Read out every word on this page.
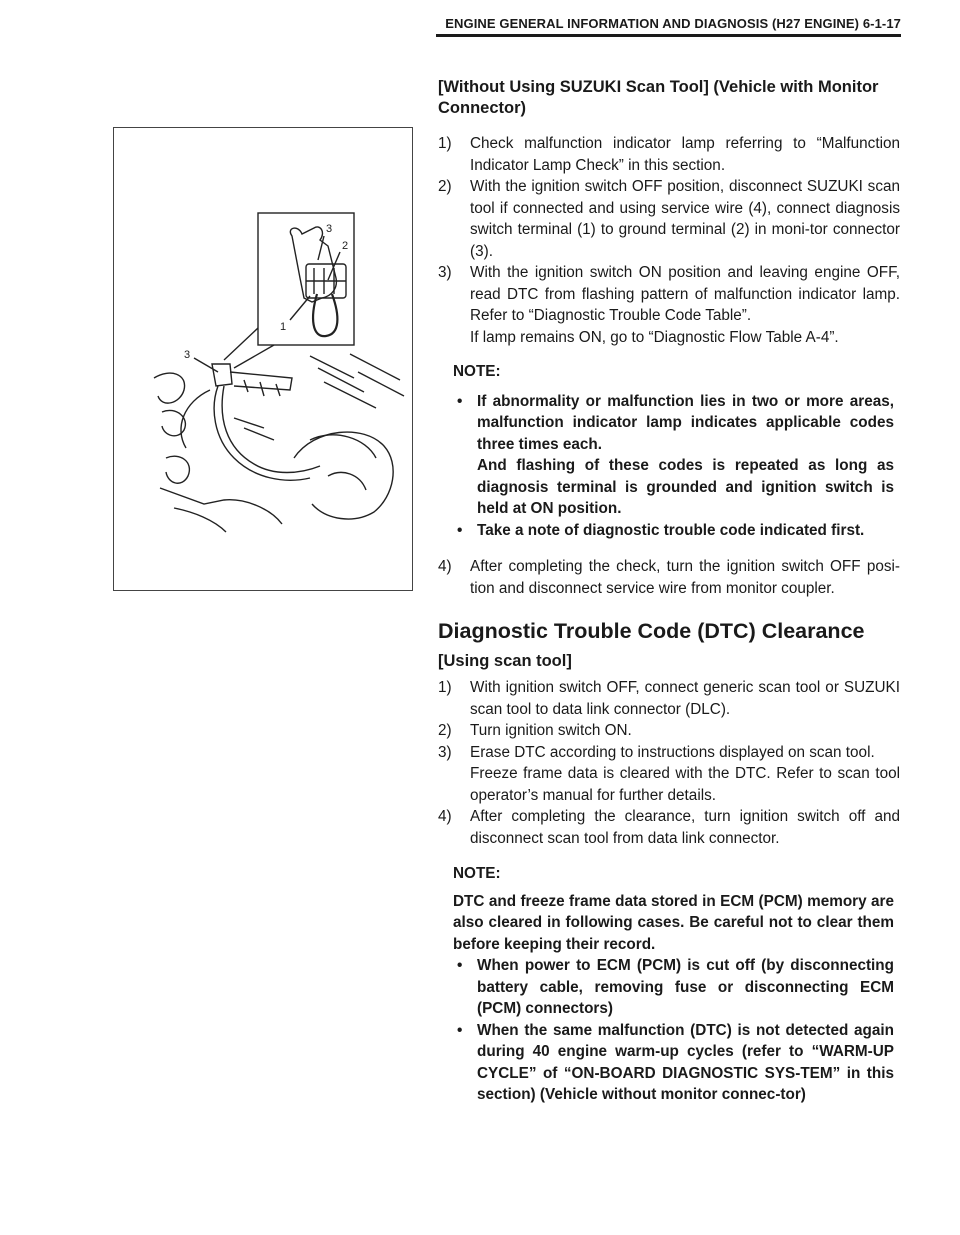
ENGINE GENERAL INFORMATION AND DIAGNOSIS (H27 ENGINE) 6-1-17
[Without Using SUZUKI Scan Tool] (Vehicle with Monitor Connector)
3
2
1
3
1) Check malfunction indicator lamp referring to “Malfunction Indicator Lamp Check” in this section.
2) With the ignition switch OFF position, disconnect SUZUKI scan tool if connected and using service wire (4), connect diagnosis switch terminal (1) to ground terminal (2) in moni-tor connector (3).
3) With the ignition switch ON position and leaving engine OFF, read DTC from flashing pattern of malfunction indicator lamp. Refer to “Diagnostic Trouble Code Table”.
If lamp remains ON, go to “Diagnostic Flow Table A-4”.
NOTE:
• If abnormality or malfunction lies in two or more areas, malfunction indicator lamp indicates applicable codes three times each.
And flashing of these codes is repeated as long as diagnosis terminal is grounded and ignition switch is held at ON position.
• Take a note of diagnostic trouble code indicated first.
4) After completing the check, turn the ignition switch OFF posi-tion and disconnect service wire from monitor coupler.
Diagnostic Trouble Code (DTC) Clearance
[Using scan tool]
1) With ignition switch OFF, connect generic scan tool or SUZUKI scan tool to data link connector (DLC).
2) Turn ignition switch ON.
3) Erase DTC according to instructions displayed on scan tool.
Freeze frame data is cleared with the DTC. Refer to scan tool operator’s manual for further details.
4) After completing the clearance, turn ignition switch off and disconnect scan tool from data link connector.
NOTE:
DTC and freeze frame data stored in ECM (PCM) memory are also cleared in following cases. Be careful not to clear them before keeping their record.
• When power to ECM (PCM) is cut off (by disconnecting battery cable, removing fuse or disconnecting ECM (PCM) connectors)
• When the same malfunction (DTC) is not detected again during 40 engine warm-up cycles (refer to “WARM-UP CYCLE” of “ON-BOARD DIAGNOSTIC SYS-TEM” in this section) (Vehicle without monitor connec-tor)
